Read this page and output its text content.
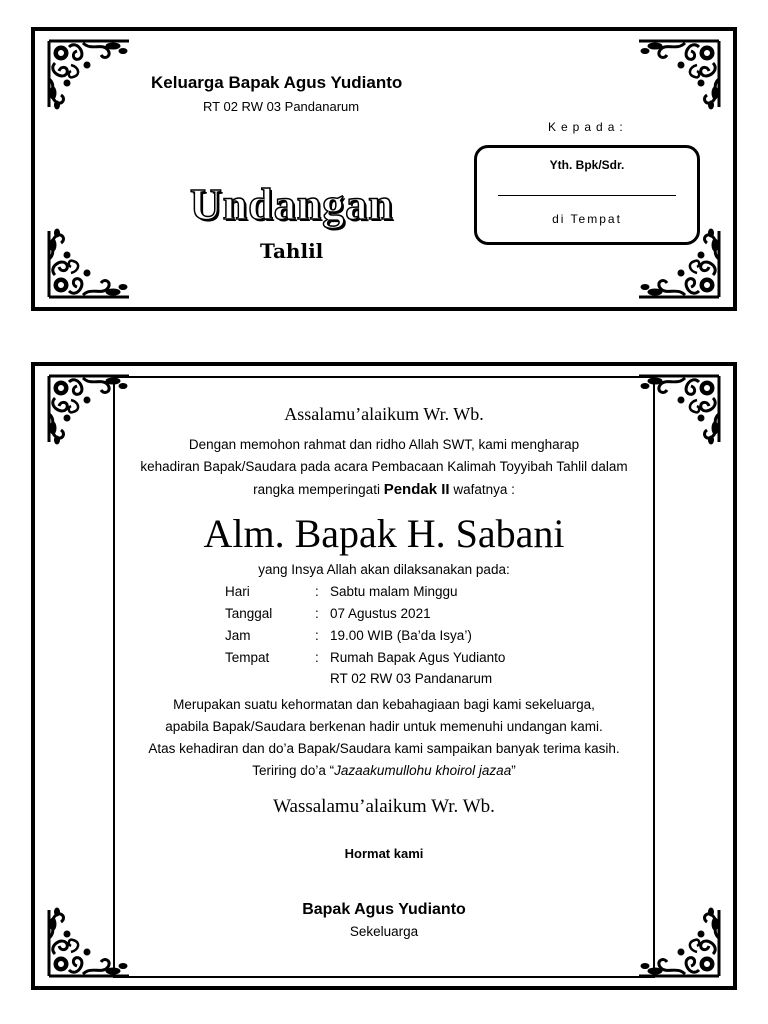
Keluarga Bapak Agus Yudianto
RT 02 RW 03 Pandanarum
Kepada:
Undangan
Tahlil
Yth. Bpk/Sdr.
di Tempat
Assalamu’alaikum Wr. Wb.
Dengan memohon rahmat dan ridho Allah SWT, kami mengharap
kehadiran Bapak/Saudara pada acara Pembacaan Kalimah Toyyibah Tahlil dalam
rangka memperingati Pendak II wafatnya :
Alm. Bapak H. Sabani
yang Insya Allah akan dilaksanakan pada:
Hari	: Sabtu malam Minggu
Tanggal	: 07 Agustus 2021
Jam	: 19.00 WIB (Ba’da Isya’)
Tempat	: Rumah Bapak Agus Yudianto
RT 02 RW 03 Pandanarum
Merupakan suatu kehormatan dan kebahagiaan bagi kami sekeluarga,
apabila Bapak/Saudara berkenan hadir untuk memenuhi undangan kami.
Atas kehadiran dan do’a Bapak/Saudara kami sampaikan banyak terima kasih.
Teriring do’a “Jazaakumullohu khoirol jazaa”
Wassalamu’alaikum Wr. Wb.
Hormat kami
Bapak Agus Yudianto
Sekeluarga
